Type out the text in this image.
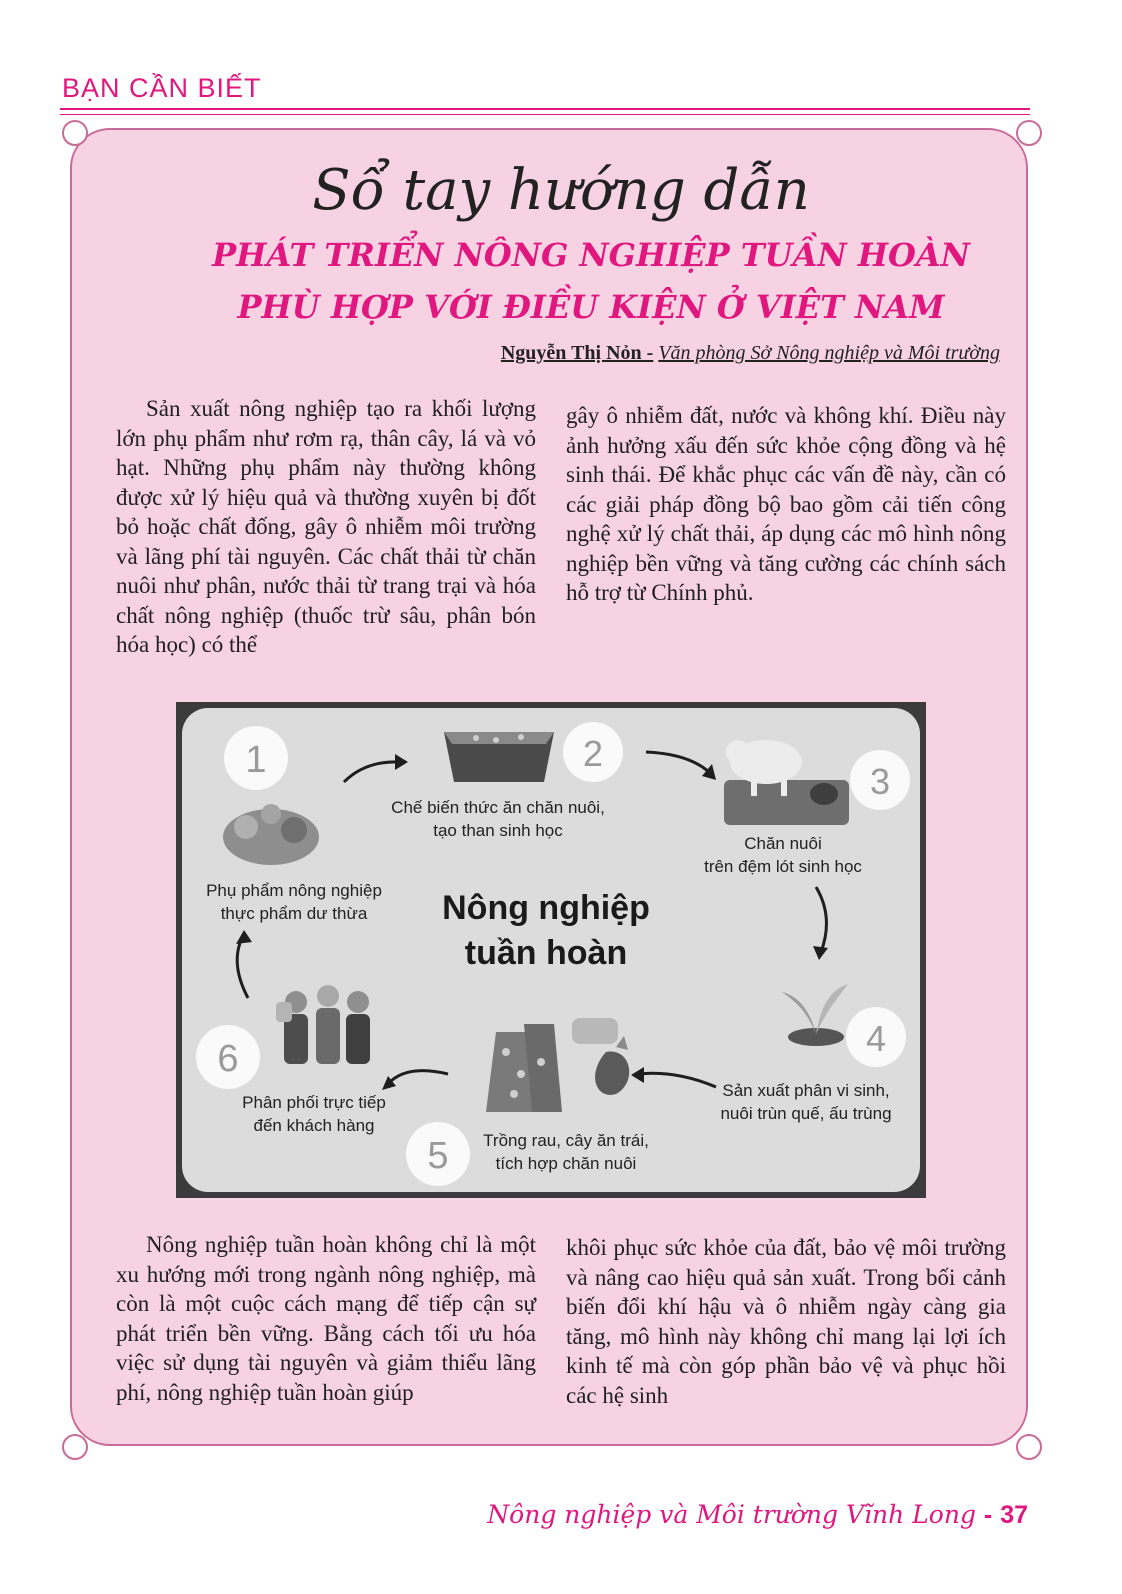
BẠN CẦN BIẾT
Sổ tay hướng dẫn
PHÁT TRIỂN NÔNG NGHIỆP TUẦN HOÀN
PHÙ HỢP VỚI ĐIỀU KIỆN Ở VIỆT NAM
Nguyễn Thị Nỏn - Văn phòng Sở Nông nghiệp và Môi trường

Sản xuất nông nghiệp tạo ra khối lượng lớn phụ phẩm như rơm rạ, thân cây, lá và vỏ hạt. Những phụ phẩm này thường không được xử lý hiệu quả và thường xuyên bị đốt bỏ hoặc chất đống, gây ô nhiễm môi trường và lãng phí tài nguyên. Các chất thải từ chăn nuôi như phân, nước thải từ trang trại và hóa chất nông nghiệp (thuốc trừ sâu, phân bón hóa học) có thể

gây ô nhiễm đất, nước và không khí. Điều này ảnh hưởng xấu đến sức khỏe cộng đồng và hệ sinh thái. Để khắc phục các vấn đề này, cần có các giải pháp đồng bộ bao gồm cải tiến công nghệ xử lý chất thải, áp dụng các mô hình nông nghiệp bền vững và tăng cường các chính sách hỗ trợ từ Chính phủ.

1	2
3
4
5
6
Nông nghiệp
tuần hoàn
Phụ phẩm nông nghiệp
thực phẩm dư thừa
Chế biến thức ăn chăn nuôi,
tạo than sinh học
Chăn nuôi
trên đệm lót sinh học
Sản xuất phân vi sinh,
nuôi trùn quế, ấu trùng
Trồng rau, cây ăn trái,
tích hợp chăn nuôi
Phân phối trực tiếp
đến khách hàng

Nông nghiệp tuần hoàn không chỉ là một xu hướng mới trong ngành nông nghiệp, mà còn là một cuộc cách mạng để tiếp cận sự phát triển bền vững. Bằng cách tối ưu hóa việc sử dụng tài nguyên và giảm thiểu lãng phí, nông nghiệp tuần hoàn giúp

khôi phục sức khỏe của đất, bảo vệ môi trường và nâng cao hiệu quả sản xuất. Trong bối cảnh biến đổi khí hậu và ô nhiễm ngày càng gia tăng, mô hình này không chỉ mang lại lợi ích kinh tế mà còn góp phần bảo vệ và phục hồi các hệ sinh

Nông nghiệp và Môi trường Vĩnh Long - 37
